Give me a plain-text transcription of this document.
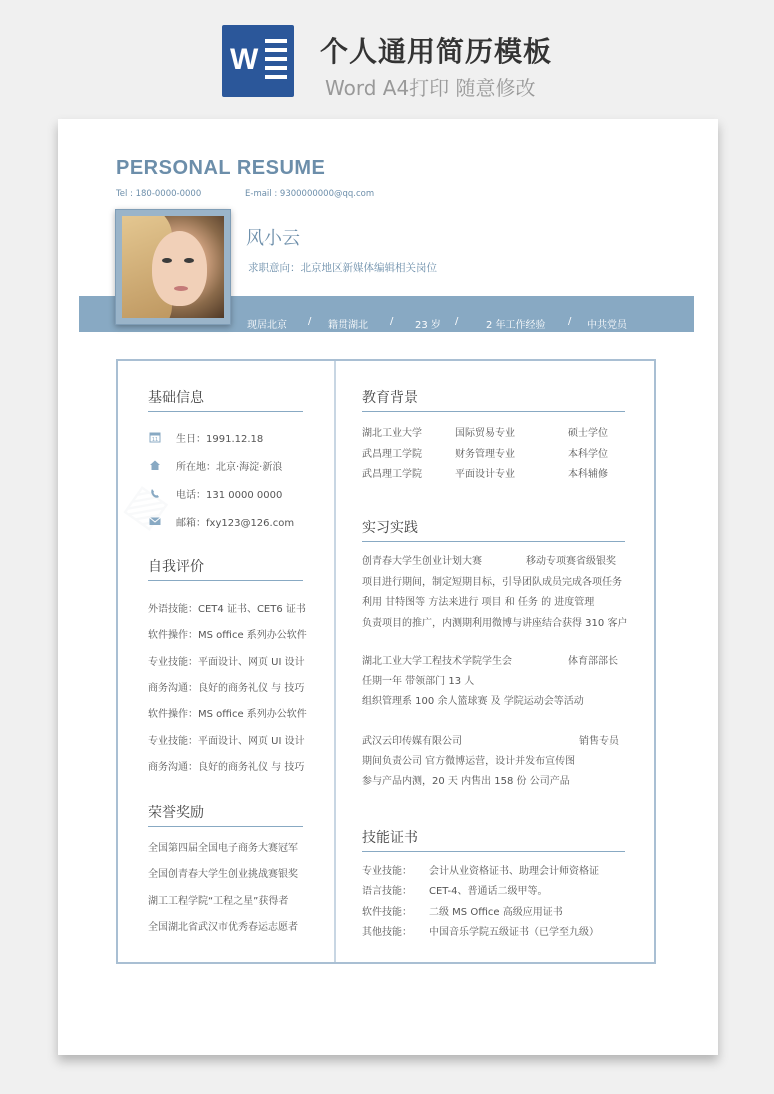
W 个人通用简历模板
Word A4打印 随意修改
PERSONAL RESUME
Tel : 180-0000-0000	E-mail : 9300000000@qq.com
风小云
求职意向：北京地区新媒体编辑相关岗位
现居北京 / 籍贯湖北 / 23 岁 /	2 年工作经验 / 中共党员
▨
基础信息
11 生日：1991.12.18
所在地：北京·海淀·新浪
电话：131 0000 0000
邮箱：fxy123@126.com
自我评价
外语技能：CET4 证书、CET6 证书
软件操作：MS office 系列办公软件
专业技能：平面设计、网页 UI 设计
商务沟通：良好的商务礼仪 与 技巧
软件操作：MS office 系列办公软件
专业技能：平面设计、网页 UI 设计
商务沟通：良好的商务礼仪 与 技巧
荣誉奖励
全国第四届全国电子商务大赛冠军
全国创青春大学生创业挑战赛银奖
湖工工程学院“工程之星”获得者
全国湖北省武汉市优秀春运志愿者
教育背景
湖北工业大学	国际贸易专业	硕士学位
武昌理工学院	财务管理专业	本科学位
武昌理工学院	平面设计专业	本科辅修
实习实践
创青春大学生创业计划大赛	移动专项赛省级银奖
项目进行期间，制定短期目标，引导团队成员完成各项任务
利用 甘特图等 方法来进行 项目 和 任务 的 进度管理
负责项目的推广，内测期利用微博与讲座结合获得 310 客户
湖北工业大学工程技术学院学生会	体育部部长
任期一年 带领部门 13 人
组织管理系 100 余人篮球赛 及 学院运动会等活动
武汉云印传媒有限公司	销售专员
期间负责公司 官方微博运营，设计并发布宣传图
参与产品内测，20 天 内售出 158 份 公司产品
技能证书
专业技能： 会计从业资格证书、助理会计师资格证
语言技能： CET-4、普通话二级甲等。
软件技能： 二级 MS Office 高级应用证书
其他技能： 中国音乐学院五级证书（已学至九级）
